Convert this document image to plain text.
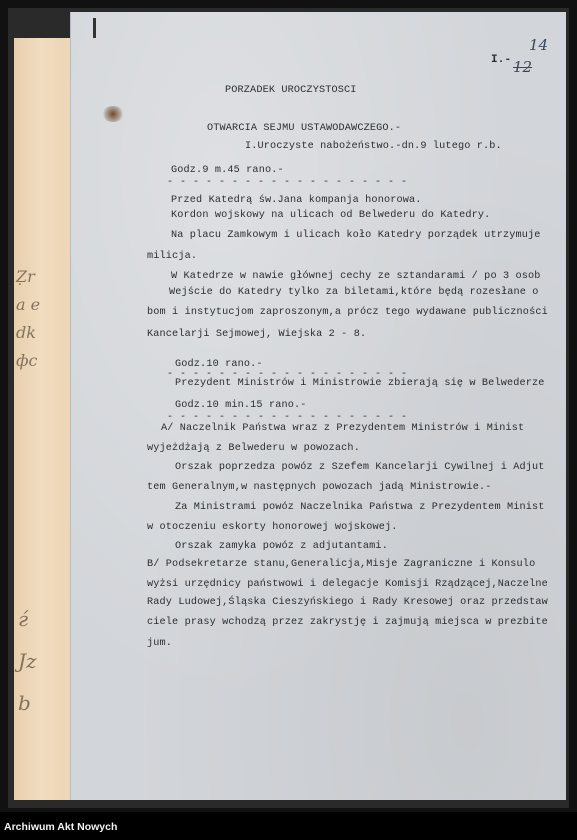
Ẓr
a e
dk
фс
ѓ
Jz
b
I.-
14
12
PORZADEK UROCZYSTOSCI
OTWARCIA SEJMU USTAWODAWCZEGO.-
I.Uroczyste nabożeństwo.-dn.9 lutego r.b.
Godz.9 m.45 rano.-
- - - - - - - - - - - - - - - - - - -
Przed Katedrą św.Jana kompanja honorowa.
Kordon wojskowy na ulicach od Belwederu do Katedry.
Na placu Zamkowym i ulicach koło Katedry porządek utrzymuje
milicja.
W Katedrze w nawie głównej cechy ze sztandarami / po 3 osob
Wejście do Katedry tylko za biletami,które będą rozesłane o
bom i instytucjom zaproszonym,a prócz tego wydawane publiczności
Kancelarji Sejmowej, Wiejska 2 - 8.
Godz.10 rano.-
- - - - - - - - - - - - - - - - - - -
Prezydent Ministrów i Ministrowie zbierają się w Belwederze
Godz.10 min.15 rano.-
- - - - - - - - - - - - - - - - - - -
A/ Naczelnik Państwa wraz z Prezydentem Ministrów i Minist
wyjeżdżają z Belwederu w powozach.
Orszak poprzedza powóz z Szefem Kancelarji Cywilnej i Adjut
tem Generalnym,w następnych powozach jadą Ministrowie.-
Za Ministrami powóz Naczelnika Państwa z Prezydentem Minist
w otoczeniu eskorty honorowej wojskowej.
Orszak zamyka powóz z adjutantami.
B/ Podsekretarze stanu,Generalicja,Misje Zagraniczne i Konsulo
wyżsi urzędnicy państwowi i delegacje Komisji Rządzącej,Naczelne
Rady Ludowej,Śląska Cieszyńskiego i Rady Kresowej oraz przedstaw
ciele prasy wchodzą przez zakrystję i zajmują miejsca w prezbite
jum.
Archiwum Akt Nowych
